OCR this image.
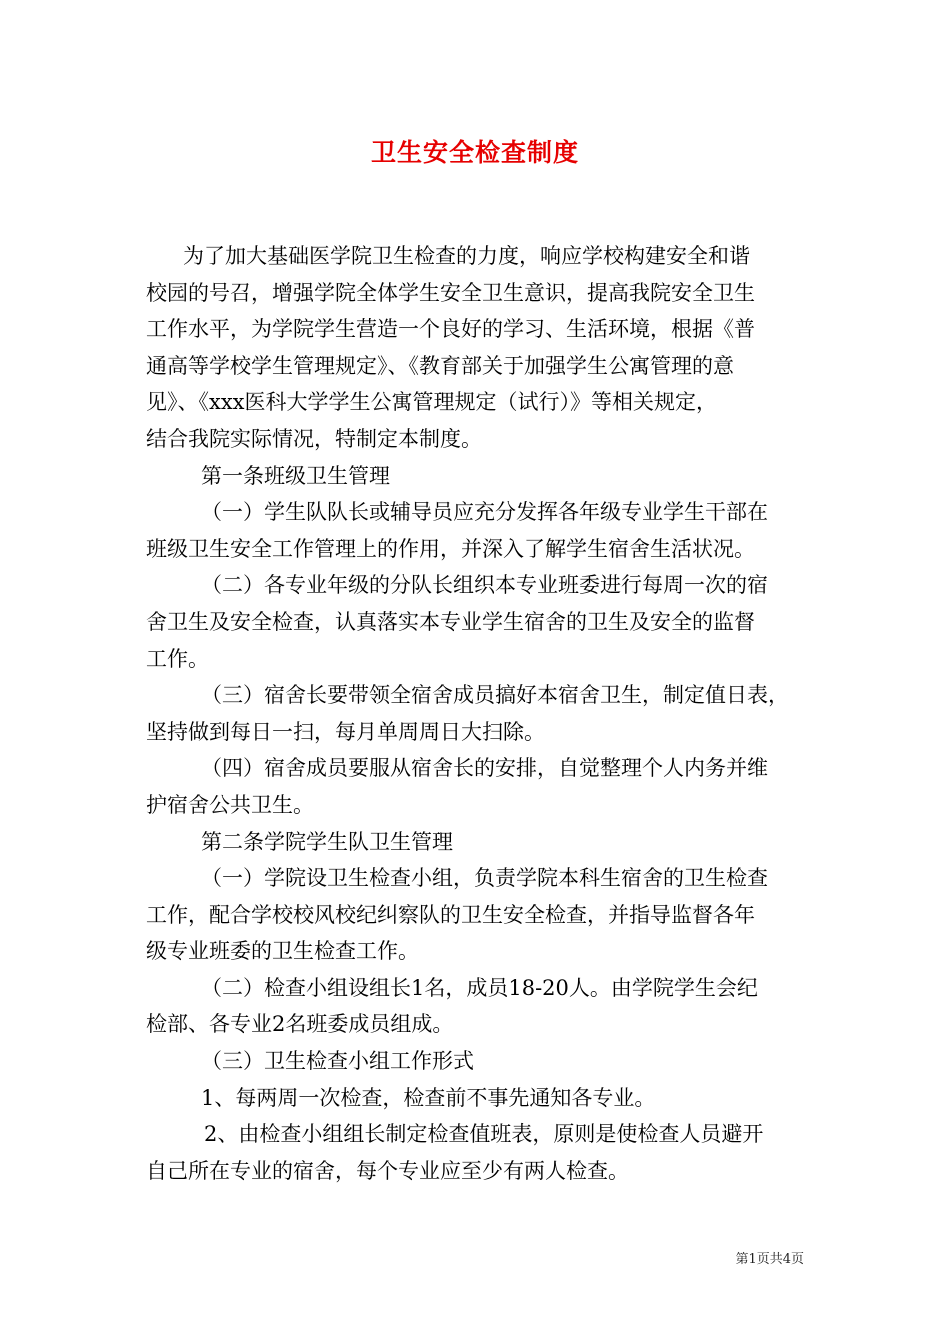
卫生安全检查制度

为了加大基础医学院卫生检查的力度，响应学校构建安全和谐

校园的号召，增强学院全体学生安全卫生意识，提高我院安全卫生

工作水平，为学院学生营造一个良好的学习、生活环境，根据《普

通高等学校学生管理规定》、《教育部关于加强学生公寓管理的意

见》、《xxx医科大学学生公寓管理规定（试行）》等相关规定，

结合我院实际情况，特制定本制度。

第一条班级卫生管理

（一）学生队队长或辅导员应充分发挥各年级专业学生干部在

班级卫生安全工作管理上的作用，并深入了解学生宿舍生活状况。

（二）各专业年级的分队长组织本专业班委进行每周一次的宿

舍卫生及安全检查，认真落实本专业学生宿舍的卫生及安全的监督

工作。

（三）宿舍长要带领全宿舍成员搞好本宿舍卫生，制定值日表，

坚持做到每日一扫，每月单周周日大扫除。

（四）宿舍成员要服从宿舍长的安排，自觉整理个人内务并维

护宿舍公共卫生。

第二条学院学生队卫生管理

（一）学院设卫生检查小组，负责学院本科生宿舍的卫生检查

工作，配合学校校风校纪纠察队的卫生安全检查，并指导监督各年

级专业班委的卫生检查工作。

（二）检查小组设组长1名，成员18-20人。由学院学生会纪

检部、各专业2名班委成员组成。

（三）卫生检查小组工作形式

1、每两周一次检查，检查前不事先通知各专业。

2、由检查小组组长制定检查值班表，原则是使检查人员避开

自己所在专业的宿舍，每个专业应至少有两人检查。

第1页共4页
